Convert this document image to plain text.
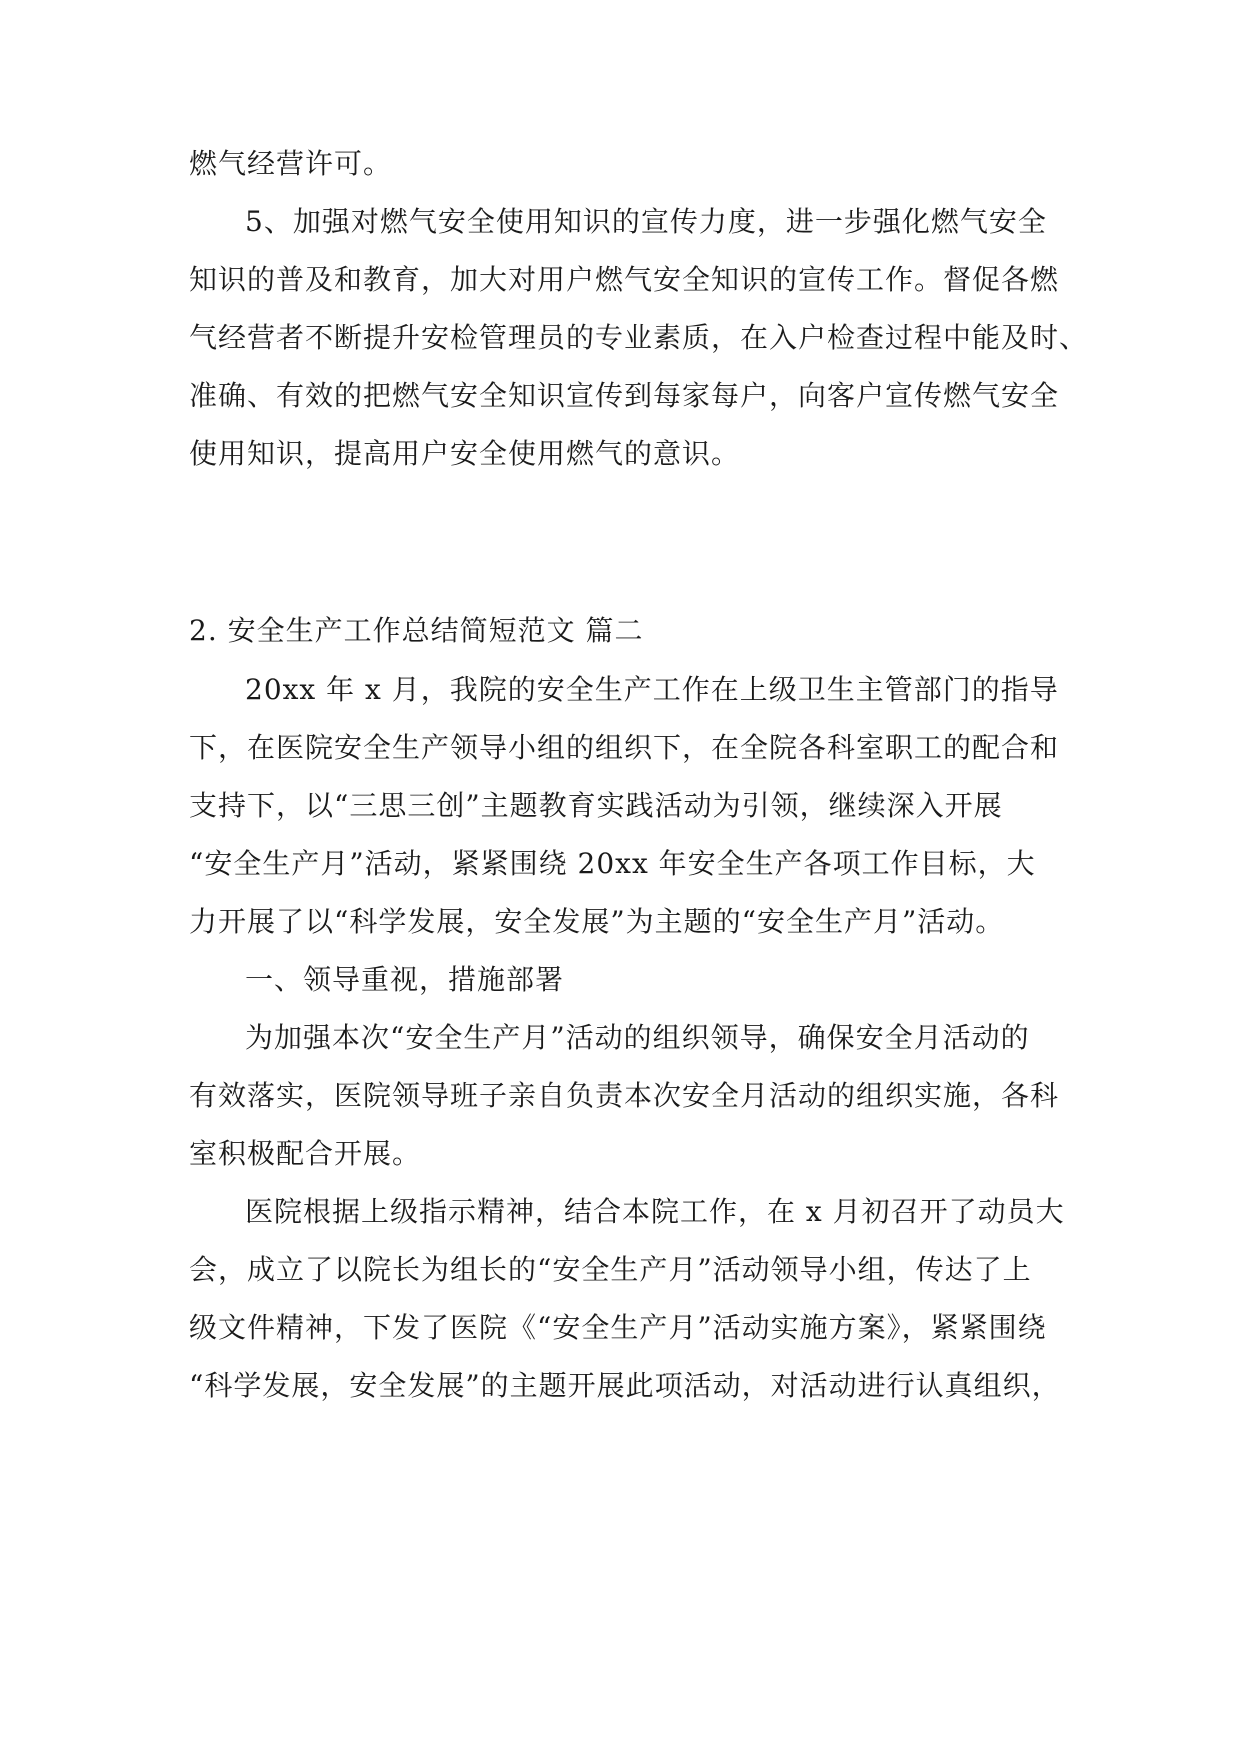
燃气经营许可。
5、加强对燃气安全使用知识的宣传力度，进一步强化燃气安全
知识的普及和教育，加大对用户燃气安全知识的宣传工作。督促各燃
气经营者不断提升安检管理员的专业素质，在入户检查过程中能及时、
准确、有效的把燃气安全知识宣传到每家每户，向客户宣传燃气安全
使用知识，提高用户安全使用燃气的意识。
2. 安全生产工作总结简短范文 篇二
20xx 年 x 月，我院的安全生产工作在上级卫生主管部门的指导
下，在医院安全生产领导小组的组织下，在全院各科室职工的配合和
支持下，以“三思三创”主题教育实践活动为引领，继续深入开展
“安全生产月”活动，紧紧围绕 20xx 年安全生产各项工作目标，大
力开展了以“科学发展，安全发展”为主题的“安全生产月”活动。
一、领导重视，措施部署
为加强本次“安全生产月”活动的组织领导，确保安全月活动的
有效落实，医院领导班子亲自负责本次安全月活动的组织实施，各科
室积极配合开展。
医院根据上级指示精神，结合本院工作，在 x 月初召开了动员大
会，成立了以院长为组长的“安全生产月”活动领导小组，传达了上
级文件精神，下发了医院《“安全生产月”活动实施方案》，紧紧围绕
“科学发展，安全发展”的主题开展此项活动，对活动进行认真组织，
